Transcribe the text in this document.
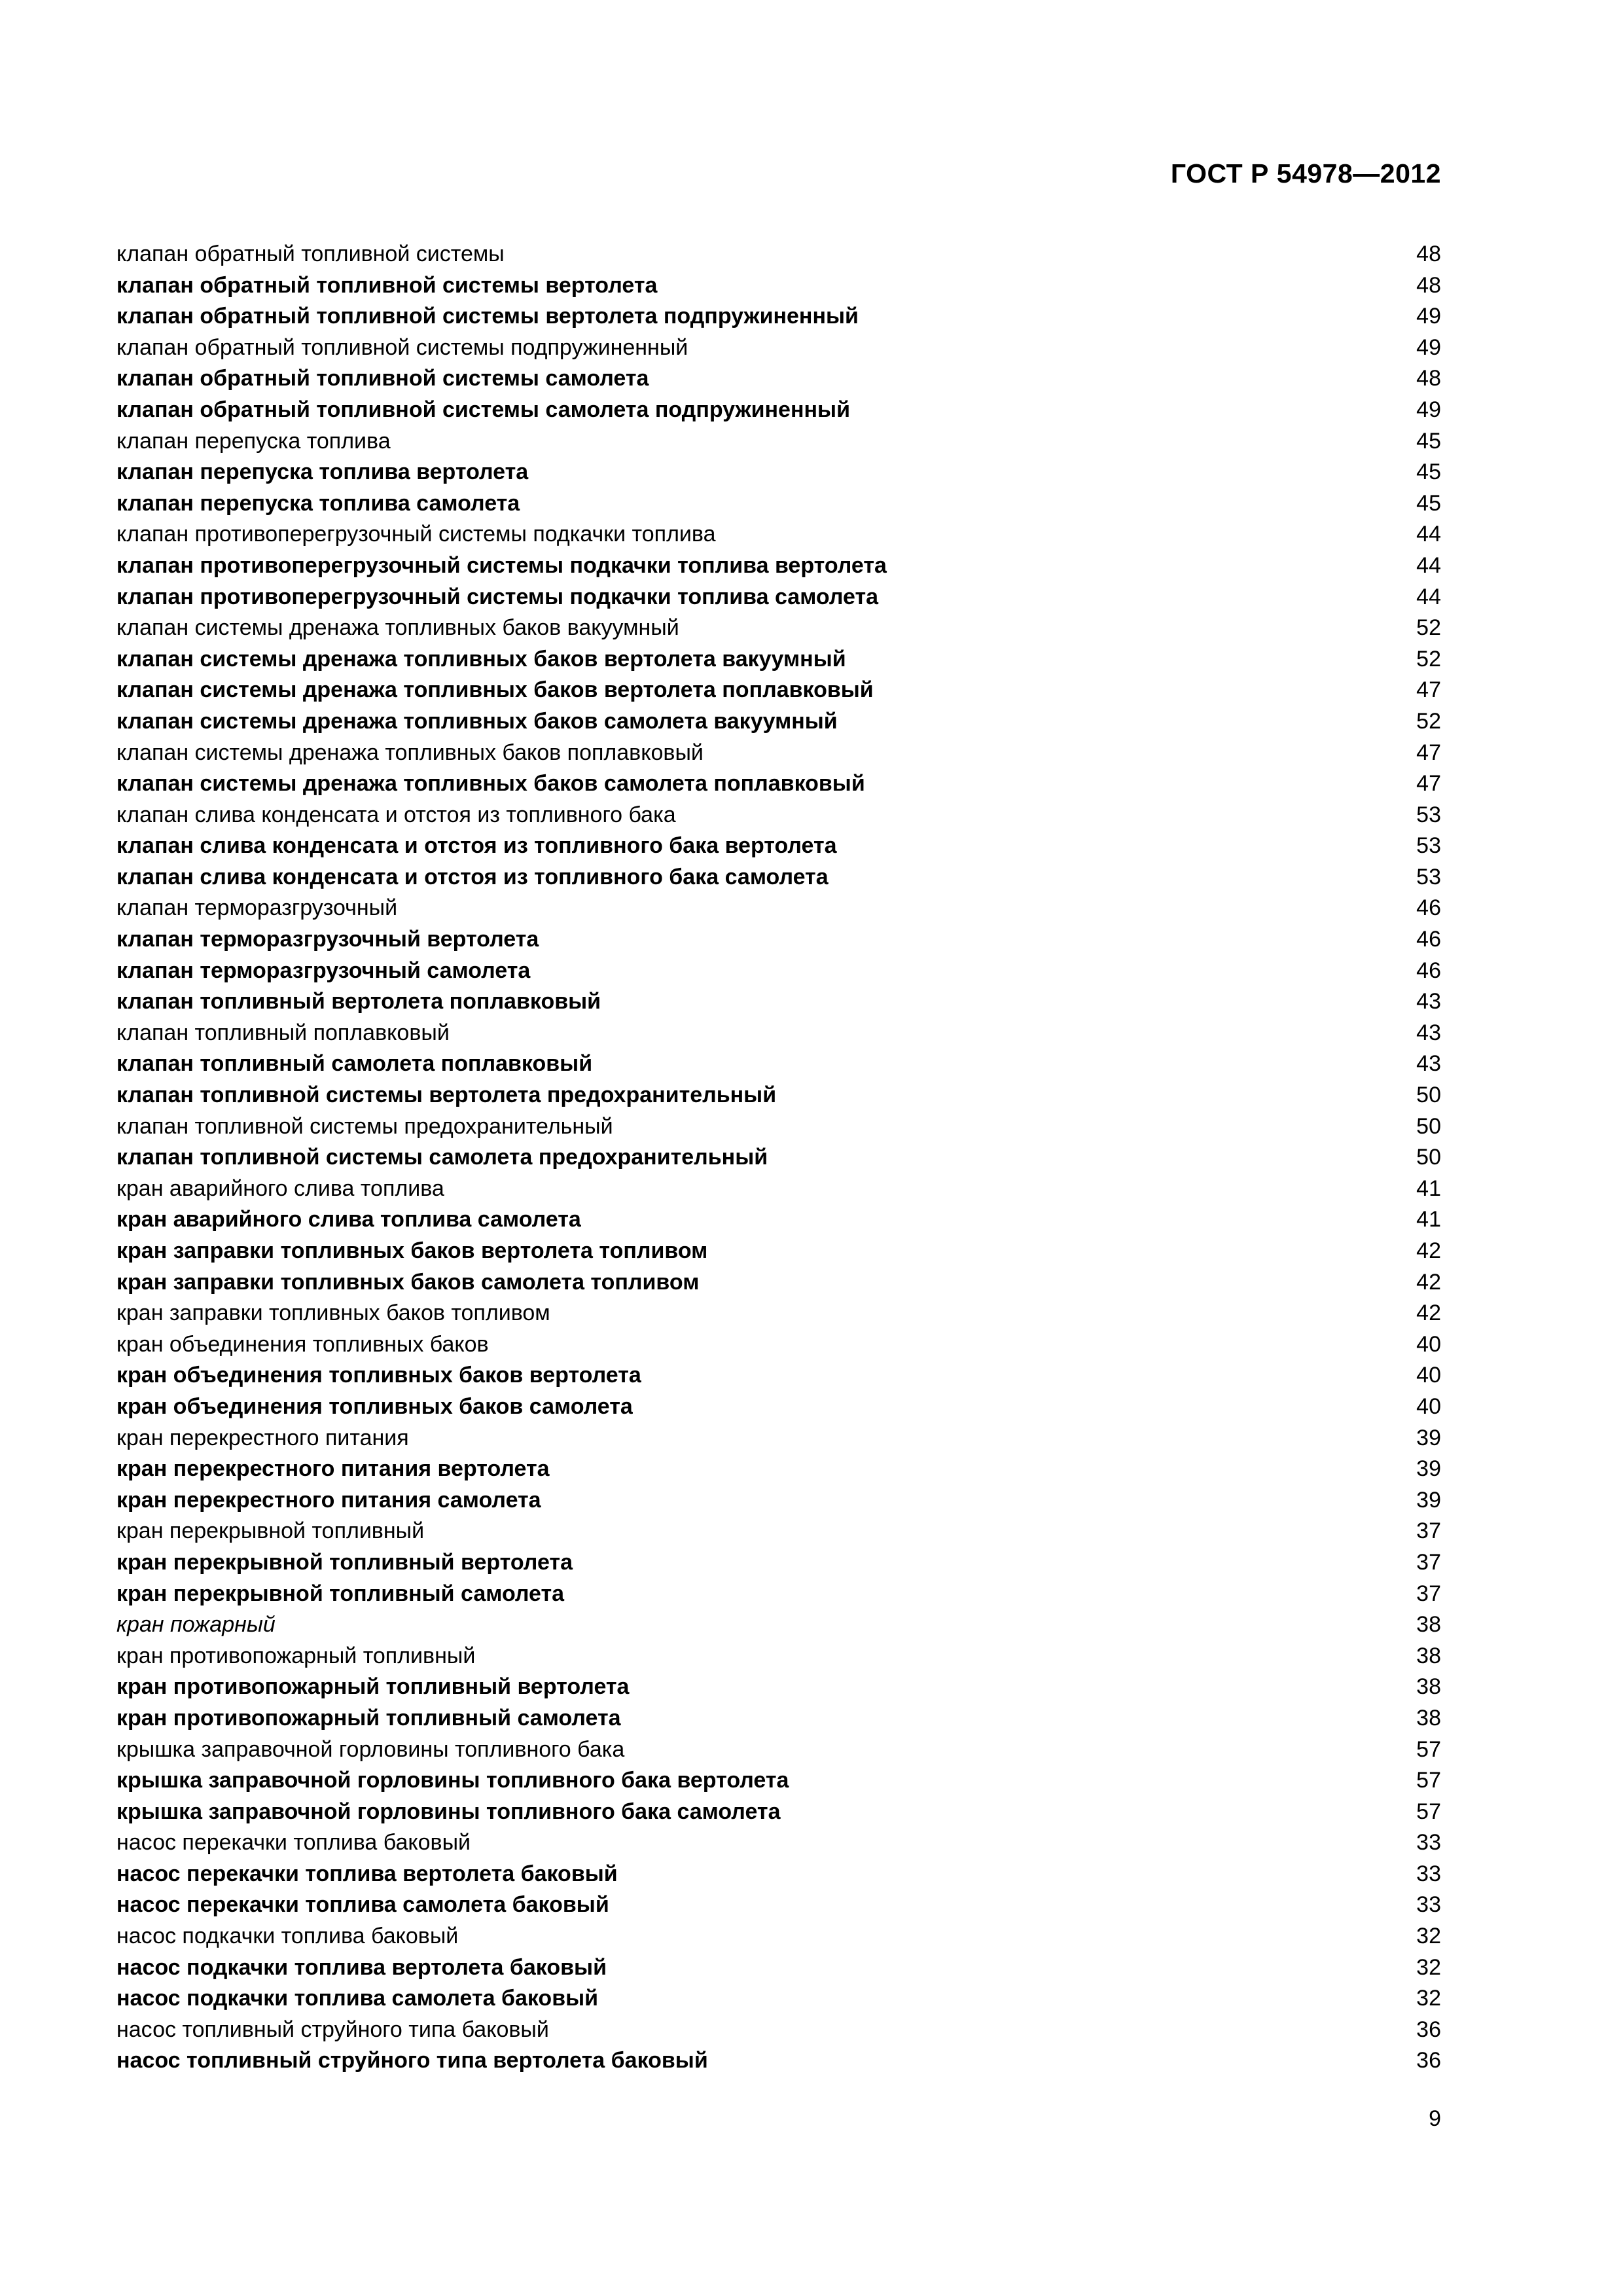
ГОСТ Р 54978—2012
клапан обратный топливной системы	48
клапан обратный топливной системы вертолета	48
клапан обратный топливной системы вертолета подпружиненный	49
клапан обратный топливной системы подпружиненный	49
клапан обратный топливной системы самолета	48
клапан обратный топливной системы самолета подпружиненный	49
клапан перепуска топлива	45
клапан перепуска топлива вертолета	45
клапан перепуска топлива самолета	45
клапан противоперегрузочный системы подкачки топлива	44
клапан противоперегрузочный системы подкачки топлива вертолета	44
клапан противоперегрузочный системы подкачки топлива самолета	44
клапан системы дренажа топливных баков вакуумный	52
клапан системы дренажа топливных баков вертолета вакуумный	52
клапан системы дренажа топливных баков вертолета поплавковый	47
клапан системы дренажа топливных баков самолета вакуумный	52
клапан системы дренажа топливных баков поплавковый	47
клапан системы дренажа топливных баков самолета поплавковый	47
клапан слива конденсата и отстоя из топливного бака	53
клапан слива конденсата и отстоя из топливного бака вертолета	53
клапан слива конденсата и отстоя из топливного бака самолета	53
клапан терморазгрузочный	46
клапан терморазгрузочный вертолета	46
клапан терморазгрузочный самолета	46
клапан топливный вертолета поплавковый	43
клапан топливный поплавковый	43
клапан топливный самолета поплавковый	43
клапан топливной системы вертолета предохранительный	50
клапан топливной системы предохранительный	50
клапан топливной системы самолета предохранительный	50
кран аварийного слива топлива	41
кран аварийного слива топлива самолета	41
кран заправки топливных баков вертолета топливом	42
кран заправки топливных баков самолета топливом	42
кран заправки топливных баков топливом	42
кран объединения топливных баков	40
кран объединения топливных баков вертолета	40
кран объединения топливных баков самолета	40
кран перекрестного питания	39
кран перекрестного питания вертолета	39
кран перекрестного питания самолета	39
кран перекрывной топливный	37
кран перекрывной топливный вертолета	37
кран перекрывной топливный самолета	37
кран пожарный	38
кран противопожарный топливный	38
кран противопожарный топливный вертолета	38
кран противопожарный топливный самолета	38
крышка заправочной горловины топливного бака	57
крышка заправочной горловины топливного бака вертолета	57
крышка заправочной горловины топливного бака самолета	57
насос перекачки топлива баковый	33
насос перекачки топлива вертолета баковый	33
насос перекачки топлива самолета баковый	33
насос подкачки топлива баковый	32
насос подкачки топлива вертолета баковый	32
насос подкачки топлива самолета баковый	32
насос топливный струйного типа баковый	36
насос топливный струйного типа вертолета баковый	36
9
